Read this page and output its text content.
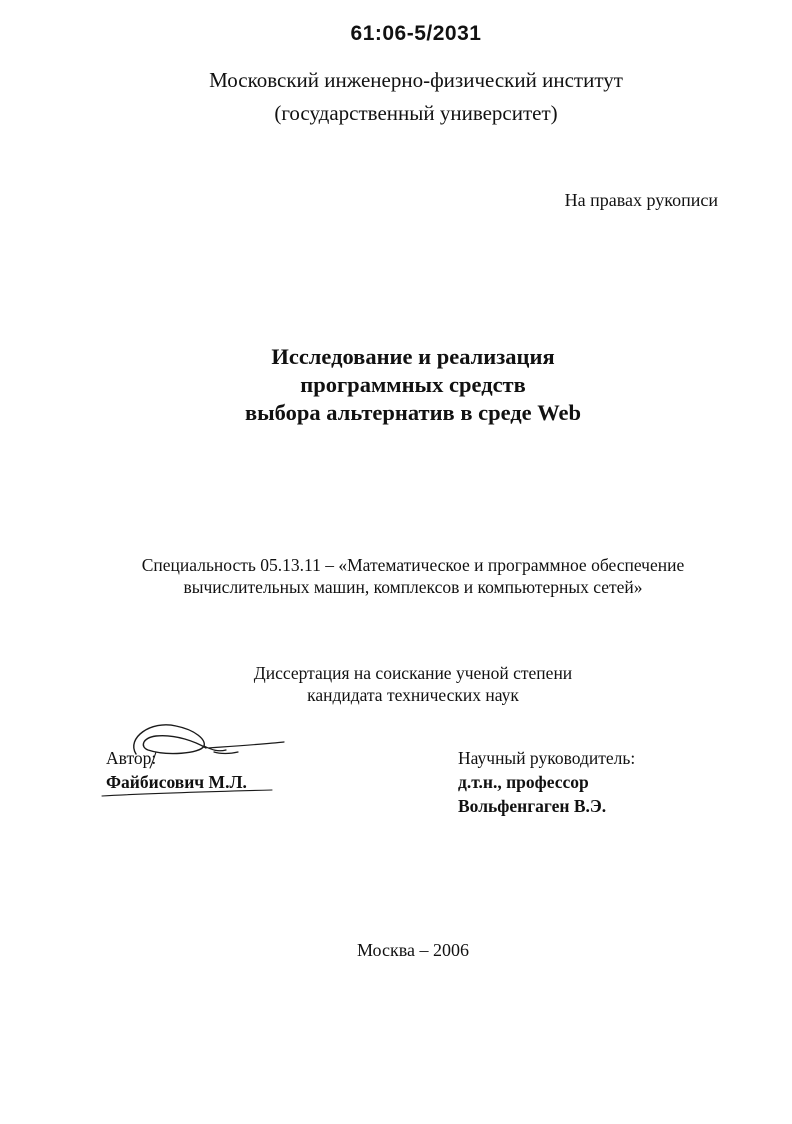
61:06-5/2031
Московский инженерно-физический институт
(государственный университет)
На правах рукописи
Исследование и реализация
программных средств
выбора альтернатив в среде Web
Специальность 05.13.11 – «Математическое и программное обеспечение
вычислительных машин, комплексов и компьютерных сетей»
Диссертация на соискание ученой степени
кандидата технических наук
Автор:
Файбисович М.Л.
Научный руководитель:
д.т.н., профессор
Вольфенгаген В.Э.
Москва – 2006
